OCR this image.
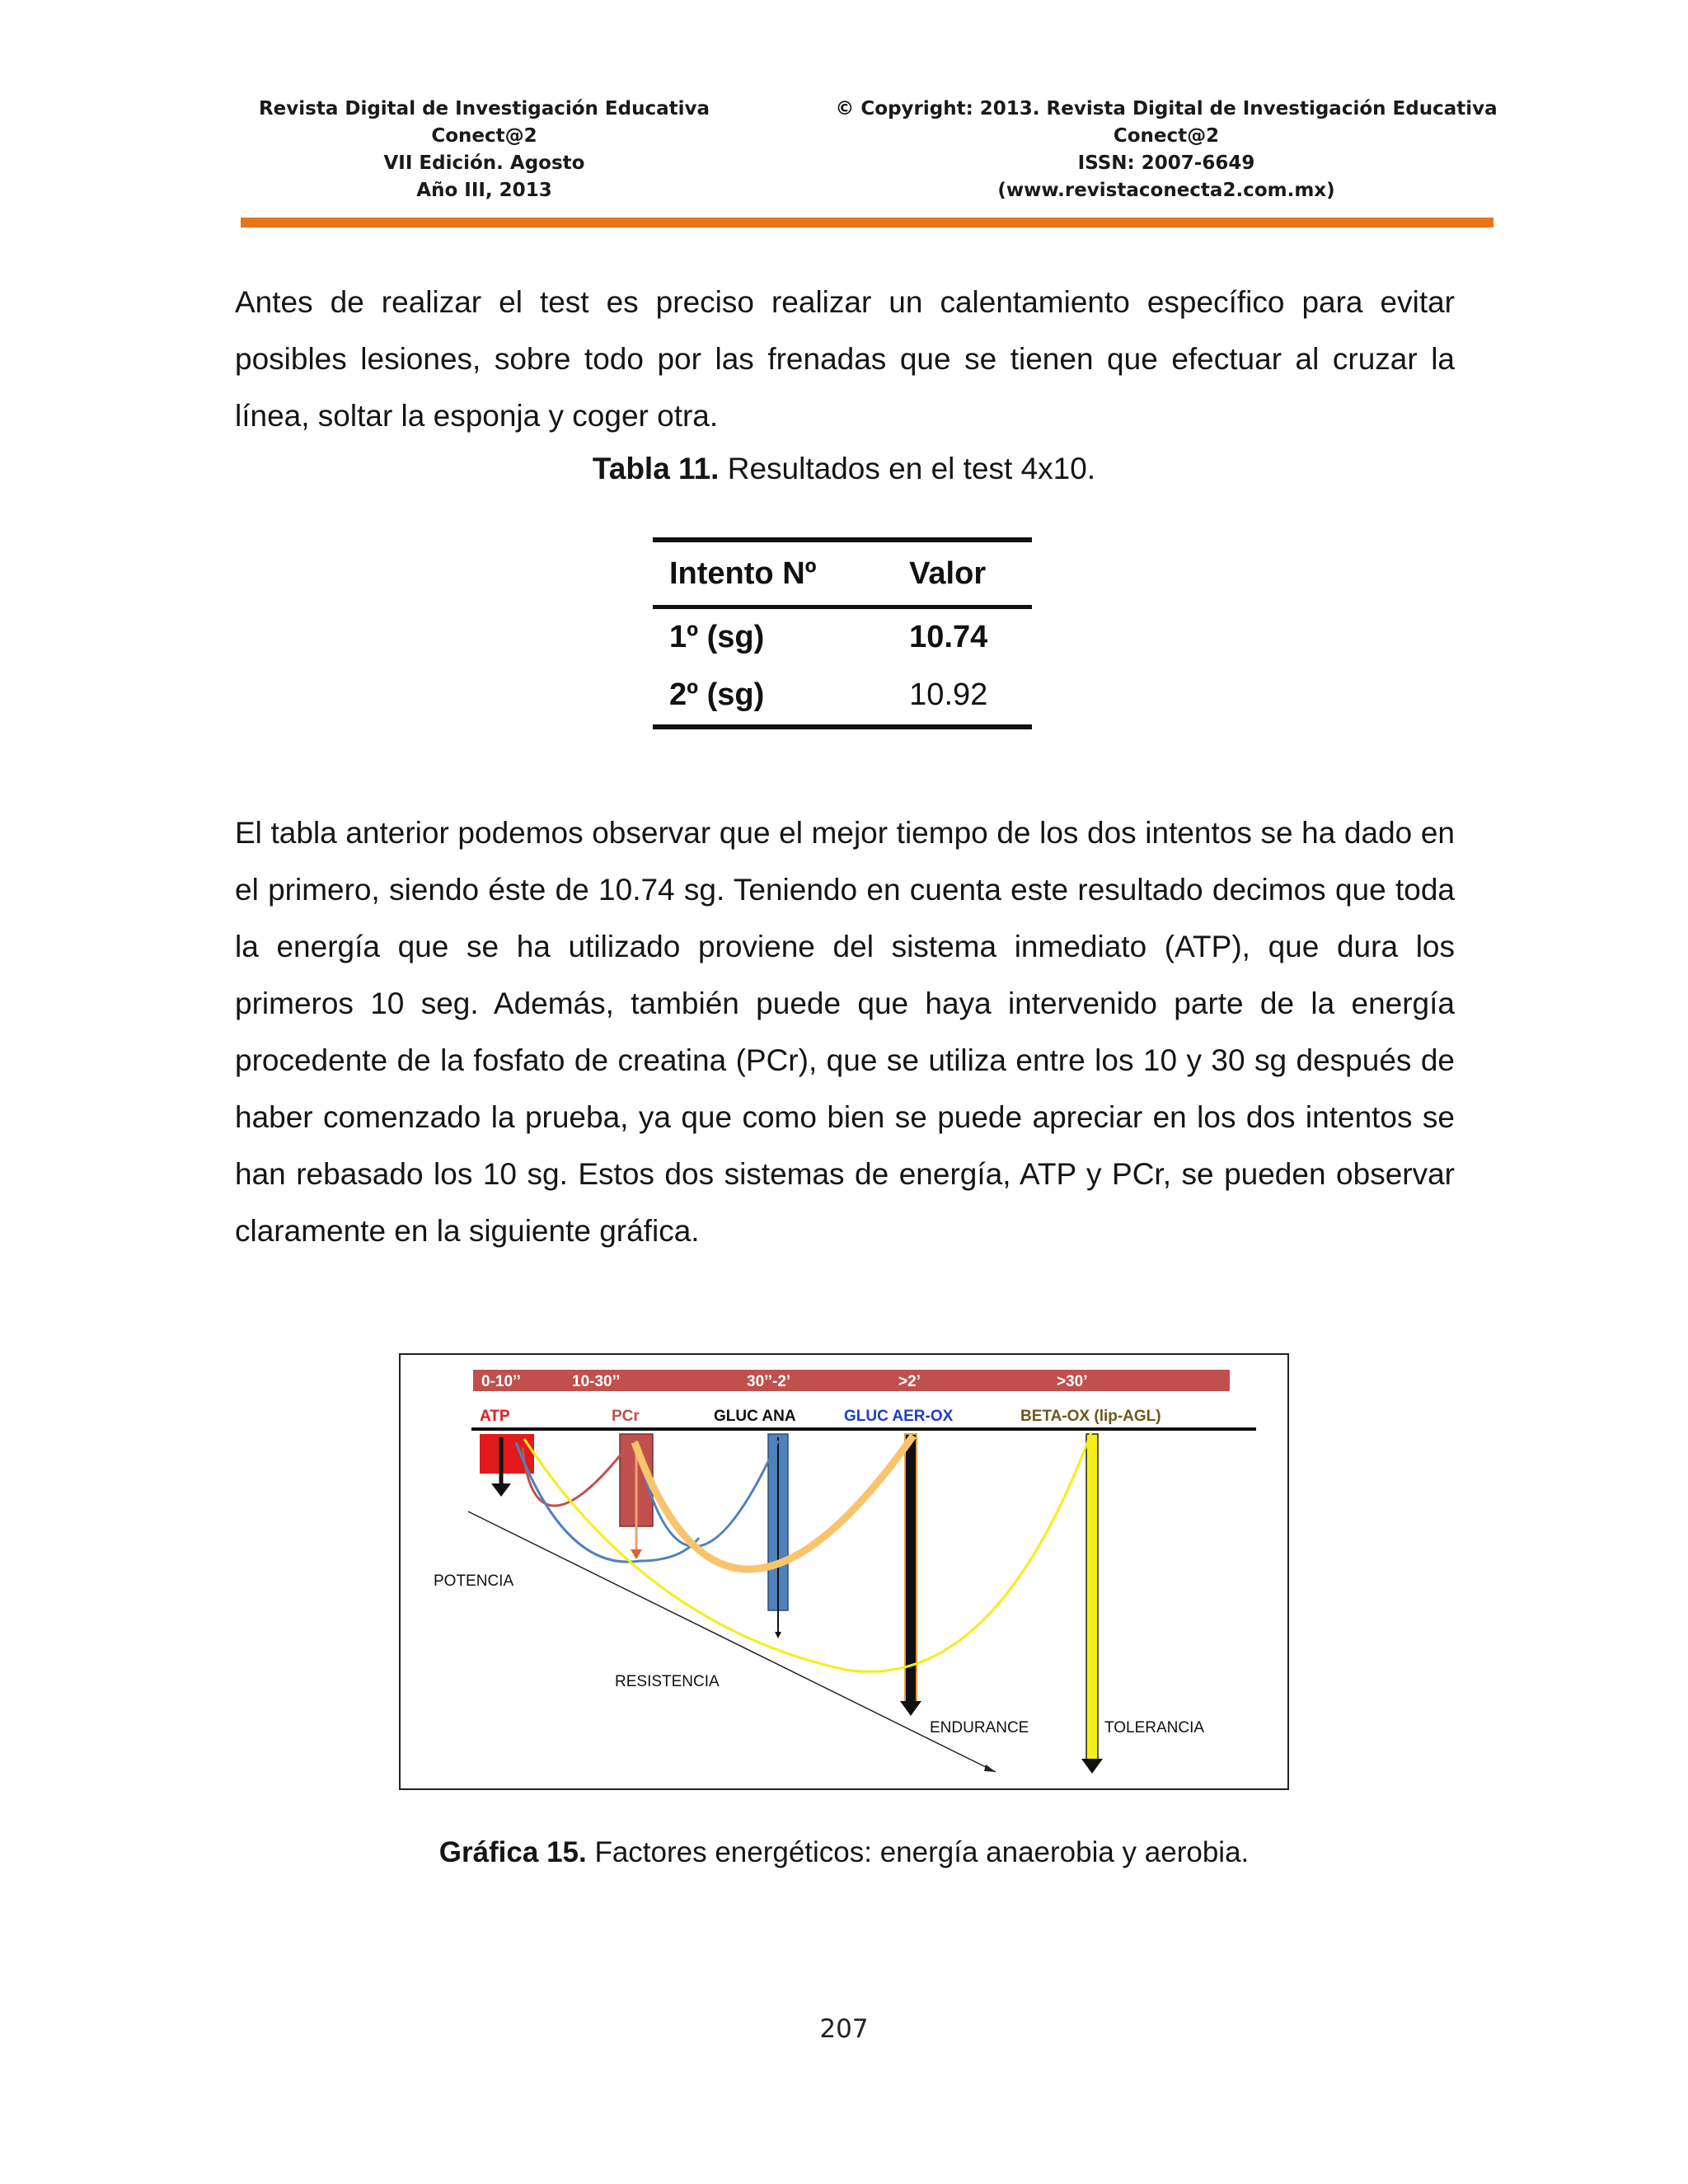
Revista Digital de Investigación Educativa
Conect@2
VII Edición. Agosto
Año III, 2013
© Copyright: 2013. Revista Digital de Investigación Educativa
Conect@2
ISSN: 2007-6649
(www.revistaconecta2.com.mx)

Antes de realizar el test es preciso realizar un calentamiento específico para evitar posibles lesiones, sobre todo por las frenadas que se tienen que efectuar al cruzar la línea, soltar la esponja y coger otra.

Tabla 11. Resultados en el test 4x10.
Intento Nº	Valor
1º (sg)	10.74
2º (sg)	10.92

El tabla anterior podemos observar que el mejor tiempo de los dos intentos se ha dado en el primero, siendo éste de 10.74 sg. Teniendo en cuenta este resultado decimos que toda la energía que se ha utilizado proviene del sistema inmediato (ATP), que dura los primeros 10 seg. Además, también puede que haya intervenido parte de la energía procedente de la fosfato de creatina (PCr), que se utiliza entre los 10 y 30 sg después de haber comenzado la prueba, ya que como bien se puede apreciar en los dos intentos se han rebasado los 10 sg. Estos dos sistemas de energía, ATP y PCr, se pueden observar claramente en la siguiente gráfica.

0-10’’	10-30’’	30’’-2’	>2’	>30’
ATP	PCr	GLUC ANA	GLUC AER-OX	BETA-OX (lip-AGL)
POTENCIA
RESISTENCIA
ENDURANCE	TOLERANCIA
Gráfica 15. Factores energéticos: energía anaerobia y aerobia.
207
